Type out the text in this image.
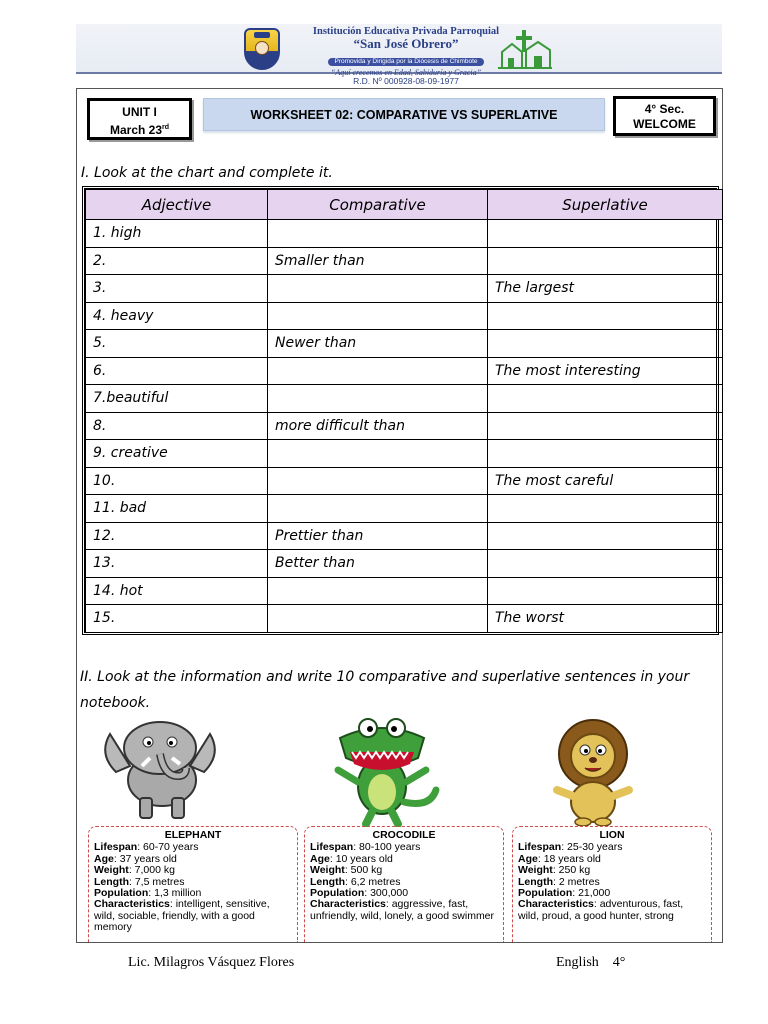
Institución Educativa Privada Parroquial
“San José Obrero”
Promovida y Dirigida por la Diócesis de Chimbote
“Aquí crecemos en Edad, Sabiduría y Gracia”
R.D. Nº 000928-08-09-1977
UNIT I
March 23rd
WORKSHEET 02: COMPARATIVE VS SUPERLATIVE	4° Sec.
WELCOME
I. Look at the chart and complete it.
Adjective	Comparative	Superlative
1. high		
2.	Smaller than	
3.		The largest
4. heavy		
5.	Newer than	
6.		The most interesting
7.beautiful		
8.	more difficult than	
9. creative		
10.		The most careful
11. bad		
12.	Prettier than	
13.	Better than	
14. hot		
15.		The worst
II. Look at the information and write 10 comparative and superlative sentences in your notebook.
ELEPHANT
Lifespan: 60-70 years
Age: 37 years old
Weight: 7,000 kg
Length: 7,5 metres
Population: 1,3 million
Characteristics: intelligent, sensitive, wild, sociable, friendly, with a good memory
CROCODILE
Lifespan: 80-100 years
Age: 10 years old
Weight: 500 kg
Length: 6,2 metres
Population: 300,000
Characteristics: aggressive, fast, unfriendly, wild, lonely, a good swimmer
LION
Lifespan: 25-30 years
Age: 18 years old
Weight: 250 kg
Length: 2 metres
Population: 21,000
Characteristics: adventurous, fast, wild, proud, a good hunter, strong
Lic. Milagros Vásquez Flores	English 4°
